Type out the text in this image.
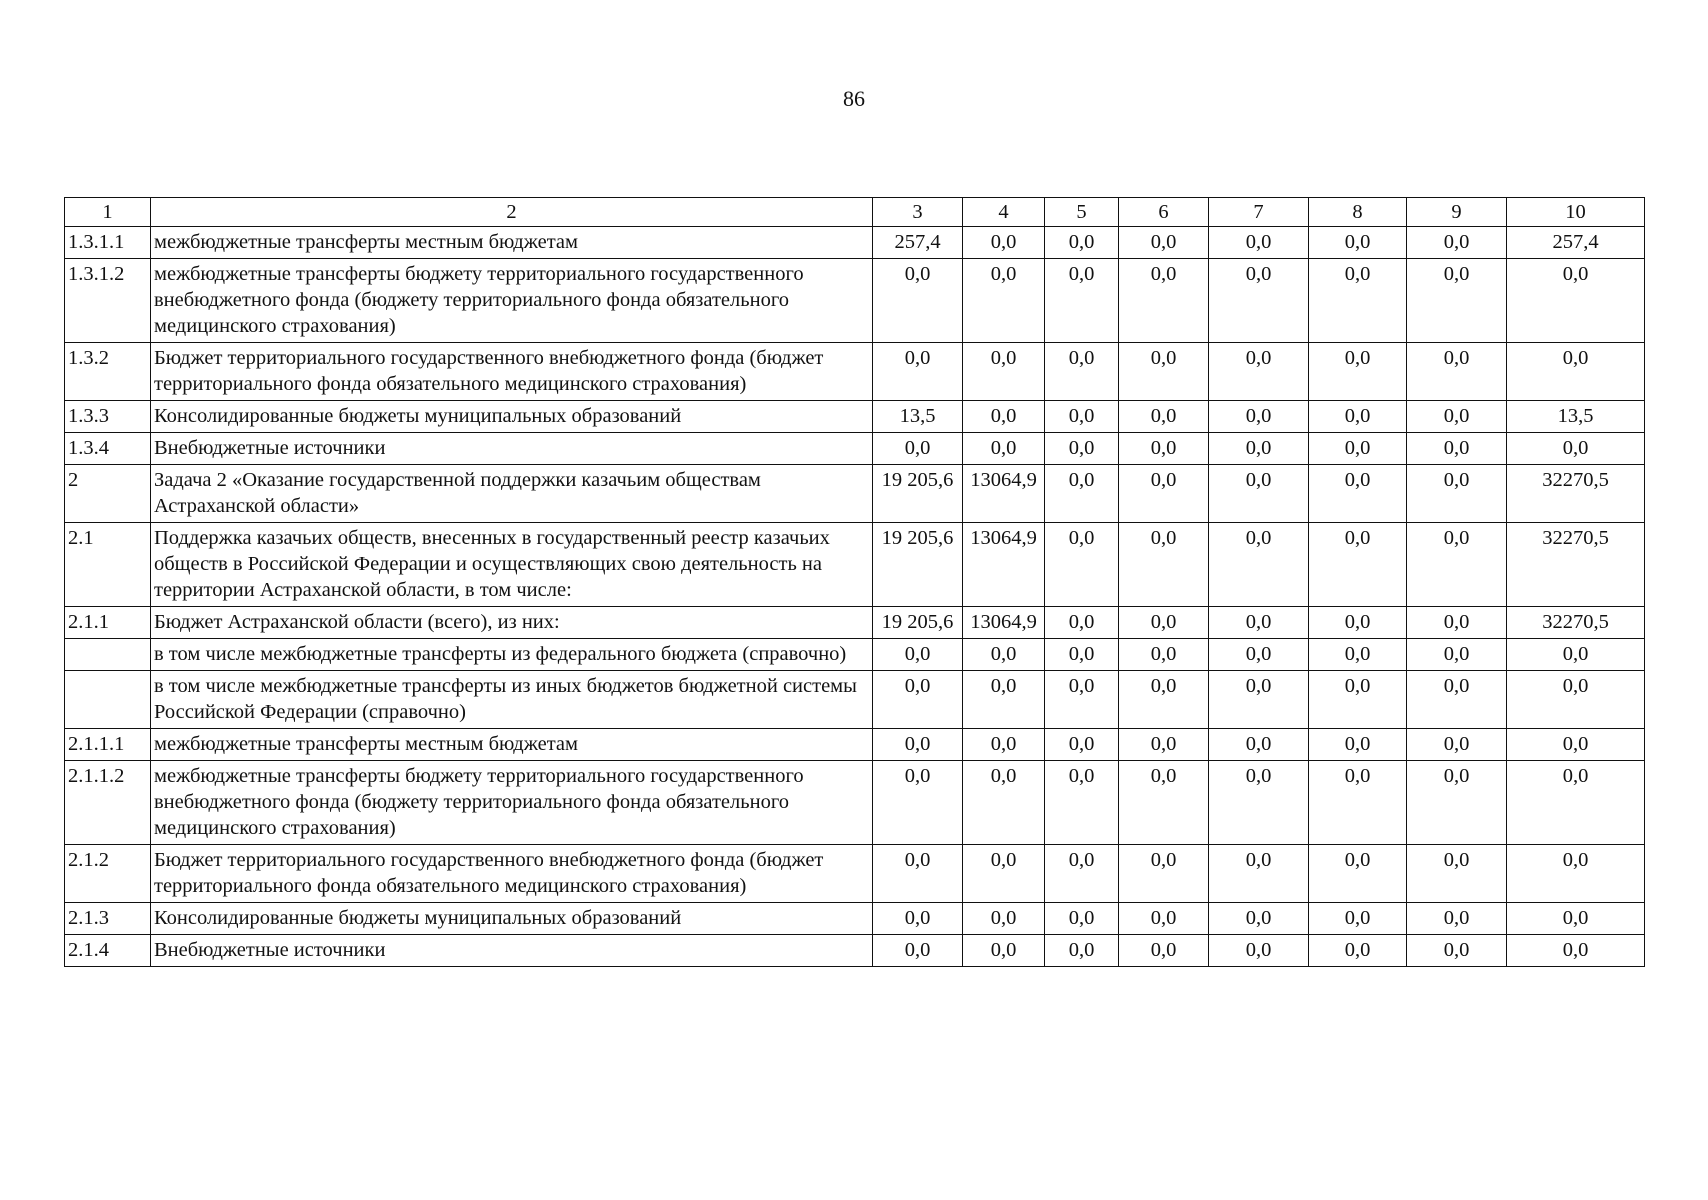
86
1	2	3	4	5	6	7	8	9	10
1.3.1.1	межбюджетные трансферты местным бюджетам	257,4	0,0	0,0	0,0	0,0	0,0	0,0	257,4
1.3.1.2	межбюджетные трансферты бюджету территориального государственного внебюджетного фонда (бюджету территориального фонда обязательного медицинского страхования)	0,0	0,0	0,0	0,0	0,0	0,0	0,0	0,0
1.3.2	Бюджет территориального государственного внебюджетного фонда (бюджет территориального фонда обязательного медицинского страхования)	0,0	0,0	0,0	0,0	0,0	0,0	0,0	0,0
1.3.3	Консолидированные бюджеты муниципальных образований	13,5	0,0	0,0	0,0	0,0	0,0	0,0	13,5
1.3.4	Внебюджетные источники	0,0	0,0	0,0	0,0	0,0	0,0	0,0	0,0
2	Задача 2 «Оказание государственной поддержки казачьим обществам Астраханской области»	19 205,6	13064,9	0,0	0,0	0,0	0,0	0,0	32270,5
2.1	Поддержка казачьих обществ, внесенных в государственный реестр казачьих обществ в Российской Федерации и осуществляющих свою деятельность на территории Астраханской области, в том числе:	19 205,6	13064,9	0,0	0,0	0,0	0,0	0,0	32270,5
2.1.1	Бюджет Астраханской области (всего), из них:	19 205,6	13064,9	0,0	0,0	0,0	0,0	0,0	32270,5
	в том числе межбюджетные трансферты из федерального бюджета (справочно)	0,0	0,0	0,0	0,0	0,0	0,0	0,0	0,0
	в том числе межбюджетные трансферты из иных бюджетов бюджетной системы Российской Федерации (справочно)	0,0	0,0	0,0	0,0	0,0	0,0	0,0	0,0
2.1.1.1	межбюджетные трансферты местным бюджетам	0,0	0,0	0,0	0,0	0,0	0,0	0,0	0,0
2.1.1.2	межбюджетные трансферты бюджету территориального государственного внебюджетного фонда (бюджету территориального фонда обязательного медицинского страхования)	0,0	0,0	0,0	0,0	0,0	0,0	0,0	0,0
2.1.2	Бюджет территориального государственного внебюджетного фонда (бюджет территориального фонда обязательного медицинского страхования)	0,0	0,0	0,0	0,0	0,0	0,0	0,0	0,0
2.1.3	Консолидированные бюджеты муниципальных образований	0,0	0,0	0,0	0,0	0,0	0,0	0,0	0,0
2.1.4	Внебюджетные источники	0,0	0,0	0,0	0,0	0,0	0,0	0,0	0,0
